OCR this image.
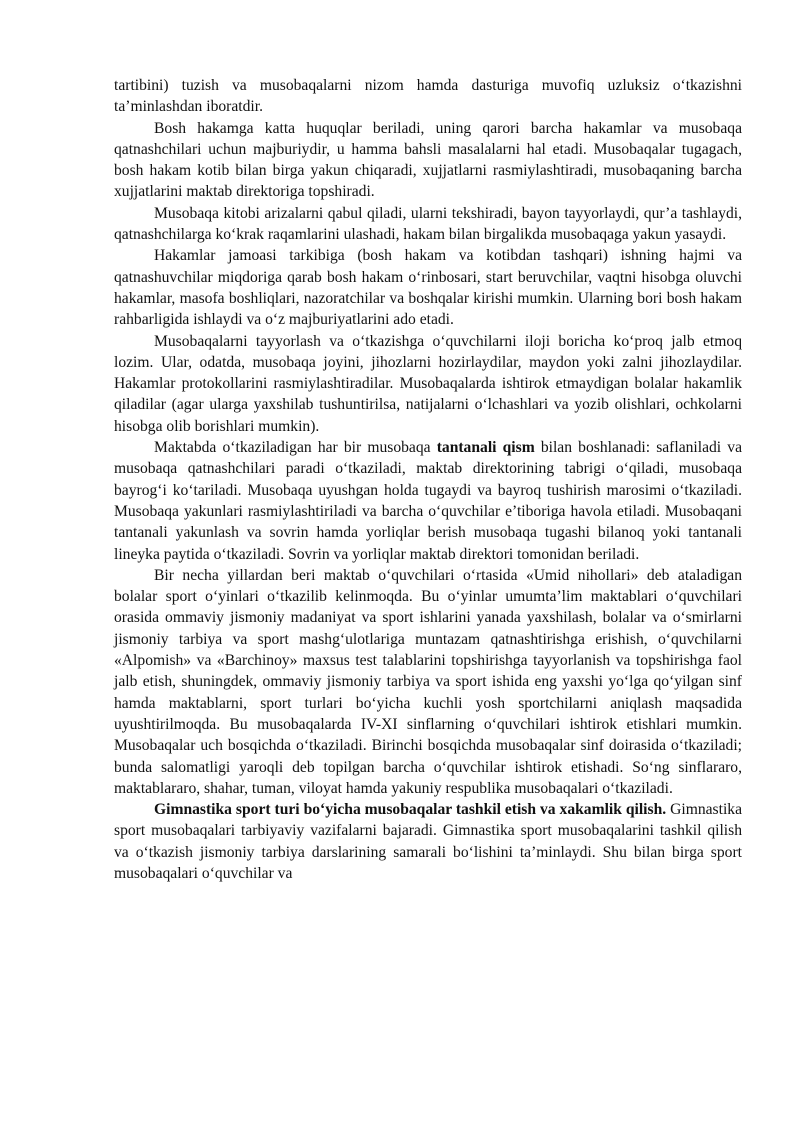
tartibini) tuzish va musobaqalarni nizom hamda dasturiga muvofiq uzluksiz o‘tkazishni ta’minlashdan iboratdir.

Bosh hakamga katta huquqlar beriladi, uning qarori barcha hakamlar va musobaqa qatnashchilari uchun majburiydir, u hamma bahsli masalalarni hal etadi. Musobaqalar tugagach, bosh hakam kotib bilan birga yakun chiqaradi, xujjatlarni rasmiylashtiradi, musobaqaning barcha xujjatlarini maktab direktoriga topshiradi.

Musobaqa kitobi arizalarni qabul qiladi, ularni tekshiradi, bayon tayyorlaydi, qur’a tashlaydi, qatnashchilarga ko‘krak raqamlarini ulashadi, hakam bilan birgalikda musobaqaga yakun yasaydi.

Hakamlar jamoasi tarkibiga (bosh hakam va kotibdan tashqari) ishning hajmi va qatnashuvchilar miqdoriga qarab bosh hakam o‘rinbosari, start beruvchilar, vaqtni hisobga oluvchi hakamlar, masofa boshliqlari, nazoratchilar va boshqalar kirishi mumkin. Ularning bori bosh hakam rahbarligida ishlaydi va o‘z majburiyatlarini ado etadi.

Musobaqalarni tayyorlash va o‘tkazishga o‘quvchilarni iloji boricha ko‘proq jalb etmoq lozim. Ular, odatda, musobaqa joyini, jihozlarni hozirlaydilar, maydon yoki zalni jihozlaydilar. Hakamlar protokollarini rasmiylashtiradilar. Musobaqalarda ishtirok etmaydigan bolalar hakamlik qiladilar (agar ularga yaxshilab tushuntirilsa, natijalarni o‘lchashlari va yozib olishlari, ochkolarni hisobga olib borishlari mumkin).

Maktabda o‘tkaziladigan har bir musobaqa tantanali qism bilan boshlanadi: saflaniladi va musobaqa qatnashchilari paradi o‘tkaziladi, maktab direktorining tabrigi o‘qiladi, musobaqa bayrog‘i ko‘tariladi. Musobaqa uyushgan holda tugaydi va bayroq tushirish marosimi o‘tkaziladi. Musobaqa yakunlari rasmiylashtiriladi va barcha o‘quvchilar e’tiboriga havola etiladi. Musobaqani tantanali yakunlash va sovrin hamda yorliqlar berish musobaqa tugashi bilanoq yoki tantanali lineyka paytida o‘tkaziladi. Sovrin va yorliqlar maktab direktori tomonidan beriladi.

Bir necha yillardan beri maktab o‘quvchilari o‘rtasida «Umid nihollari» deb ataladigan bolalar sport o‘yinlari o‘tkazilib kelinmoqda. Bu o‘yinlar umumta’lim maktablari o‘quvchilari orasida ommaviy jismoniy madaniyat va sport ishlarini yanada yaxshilash, bolalar va o‘smirlarni jismoniy tarbiya va sport mashg‘ulotlariga muntazam qatnashtirishga erishish, o‘quvchilarni «Alpomish» va «Barchinoy» maxsus test talablarini topshirishga tayyorlanish va topshirishga faol jalb etish, shuningdek, ommaviy jismoniy tarbiya va sport ishida eng yaxshi yo‘lga qo‘yilgan sinf hamda maktablarni, sport turlari bo‘yicha kuchli yosh sportchilarni aniqlash maqsadida uyushtirilmoqda. Bu musobaqalarda IV-XI sinflarning o‘quvchilari ishtirok etishlari mumkin. Musobaqalar uch bosqichda o‘tkaziladi. Birinchi bosqichda musobaqalar sinf doirasida o‘tkaziladi; bunda salomatligi yaroqli deb topilgan barcha o‘quvchilar ishtirok etishadi. So‘ng sinflararo, maktablararo, shahar, tuman, viloyat hamda yakuniy respublika musobaqalari o‘tkaziladi.

Gimnastika sport turi bo‘yicha musobaqalar tashkil etish va xakamlik qilish. Gimnastika sport musobaqalari tarbiyaviy vazifalarni bajaradi. Gimnastika sport musobaqalarini tashkil qilish va o‘tkazish jismoniy tarbiya darslarining samarali bo‘lishini ta’minlaydi. Shu bilan birga sport musobaqalari o‘quvchilar va
